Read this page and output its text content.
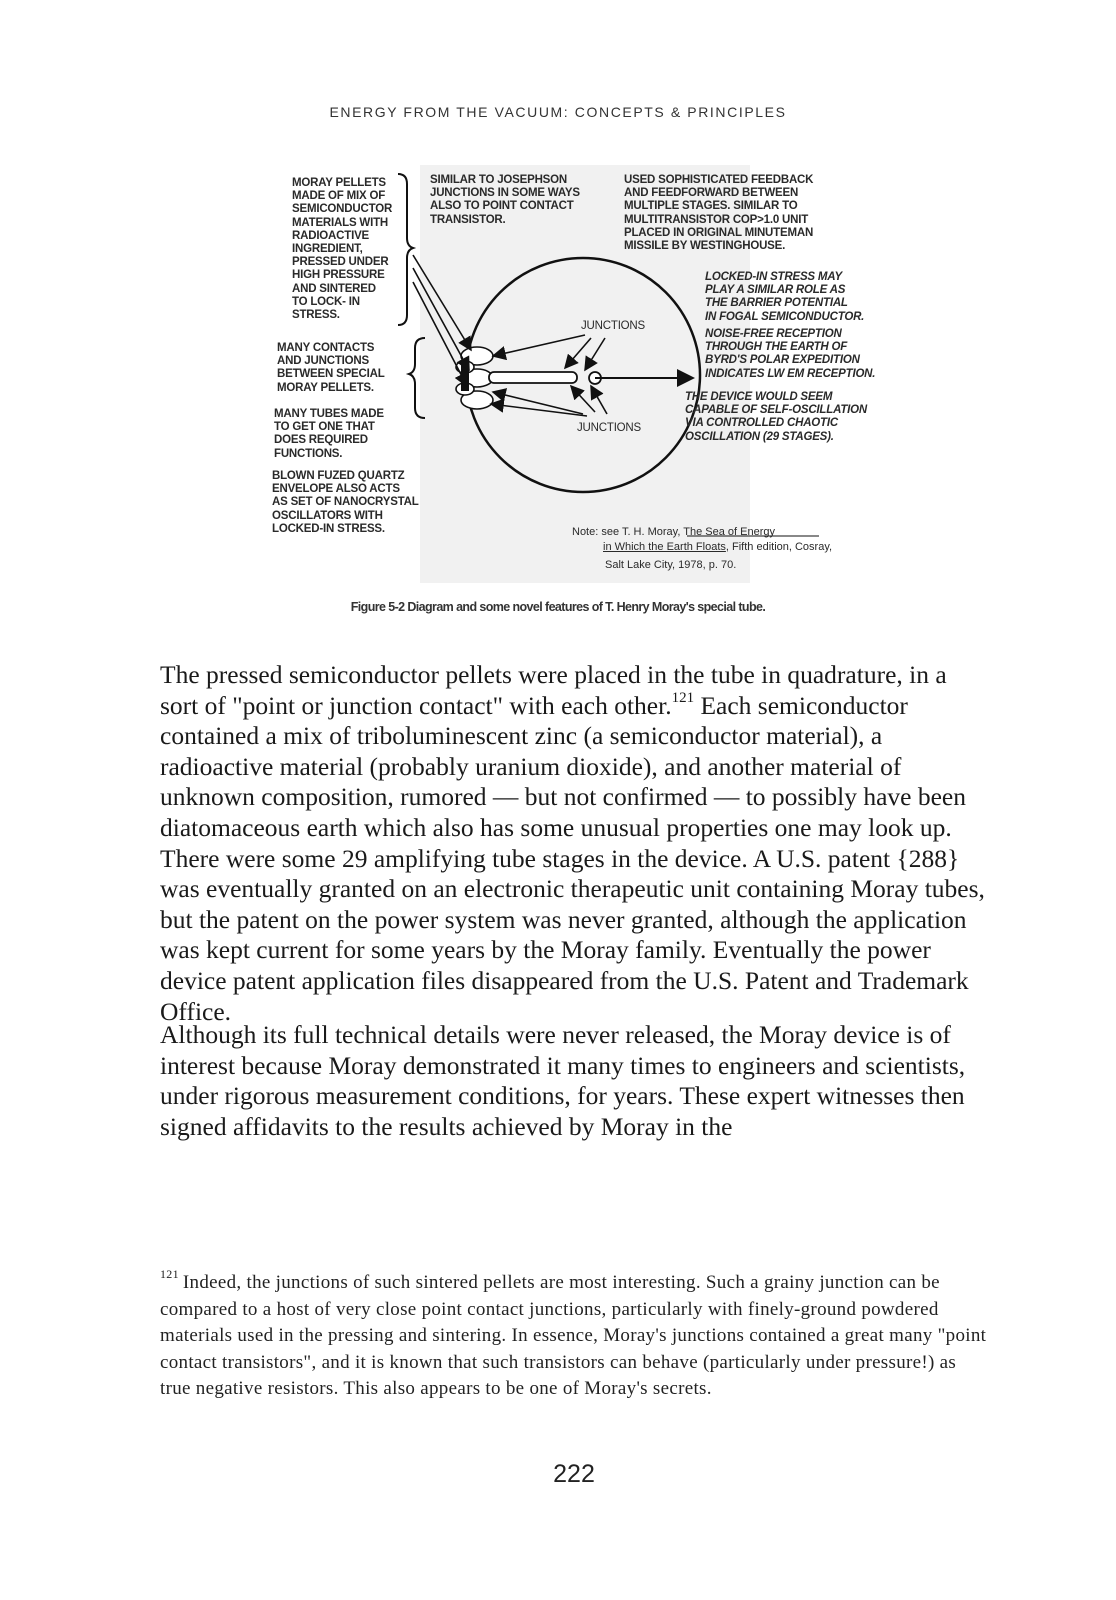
ENERGY FROM THE VACUUM: CONCEPTS & PRINCIPLES
MORAY PELLETS
MADE OF MIX OF
SEMICONDUCTOR
MATERIALS WITH
RADIOACTIVE
INGREDIENT,
PRESSED UNDER
HIGH PRESSURE
AND SINTERED
TO LOCK- IN
STRESS.
SIMILAR TO JOSEPHSON
JUNCTIONS IN SOME WAYS
ALSO TO POINT CONTACT
TRANSISTOR.
USED SOPHISTICATED FEEDBACK
AND FEEDFORWARD BETWEEN
MULTIPLE STAGES. SIMILAR TO
MULTITRANSISTOR COP>1.0 UNIT
PLACED IN ORIGINAL MINUTEMAN
MISSILE BY WESTINGHOUSE.
LOCKED-IN STRESS MAY
PLAY A SIMILAR ROLE AS
THE BARRIER POTENTIAL
IN FOGAL SEMICONDUCTOR.
NOISE-FREE RECEPTION
THROUGH THE EARTH OF
BYRD'S POLAR EXPEDITION
INDICATES LW EM RECEPTION.
THE DEVICE WOULD SEEM
CAPABLE OF SELF-OSCILLATION
VIA CONTROLLED CHAOTIC
OSCILLATION (29 STAGES).
MANY CONTACTS
AND JUNCTIONS
BETWEEN SPECIAL
MORAY PELLETS.
MANY TUBES MADE
TO GET ONE THAT
DOES REQUIRED
FUNCTIONS.
BLOWN FUZED QUARTZ
ENVELOPE ALSO ACTS
AS SET OF NANOCRYSTAL
OSCILLATORS WITH
LOCKED-IN STRESS.
JUNCTIONS
JUNCTIONS
Note: see T. H. Moray, The Sea of Energy
in Which the Earth Floats, Fifth edition, Cosray,
Salt Lake City, 1978, p. 70.
Figure 5-2 Diagram and some novel features of T. Henry Moray's special tube.
The pressed semiconductor pellets were placed in the tube in quadrature, in a sort of "point or junction contact" with each other.$^{121}$ Each semiconductor contained a mix of triboluminescent zinc (a semiconductor material), a radioactive material (probably uranium dioxide), and another material of unknown composition, rumored — but not confirmed — to possibly have been diatomaceous earth which also has some unusual properties one may look up. There were some 29 amplifying tube stages in the device. A U.S. patent {288} was eventually granted on an electronic therapeutic unit containing Moray tubes, but the patent on the power system was never granted, although the application was kept current for some years by the Moray family. Eventually the power device patent application files disappeared from the U.S. Patent and Trademark Office.
Although its full technical details were never released, the Moray device is of interest because Moray demonstrated it many times to engineers and scientists, under rigorous measurement conditions, for years. These expert witnesses then signed affidavits to the results achieved by Moray in the
$^{121}$ Indeed, the junctions of such sintered pellets are most interesting. Such a grainy junction can be compared to a host of very close point contact junctions, particularly with finely-ground powdered materials used in the pressing and sintering. In essence, Moray's junctions contained a great many "point contact transistors", and it is known that such transistors can behave (particularly under pressure!) as true negative resistors. This also appears to be one of Moray's secrets.
222
